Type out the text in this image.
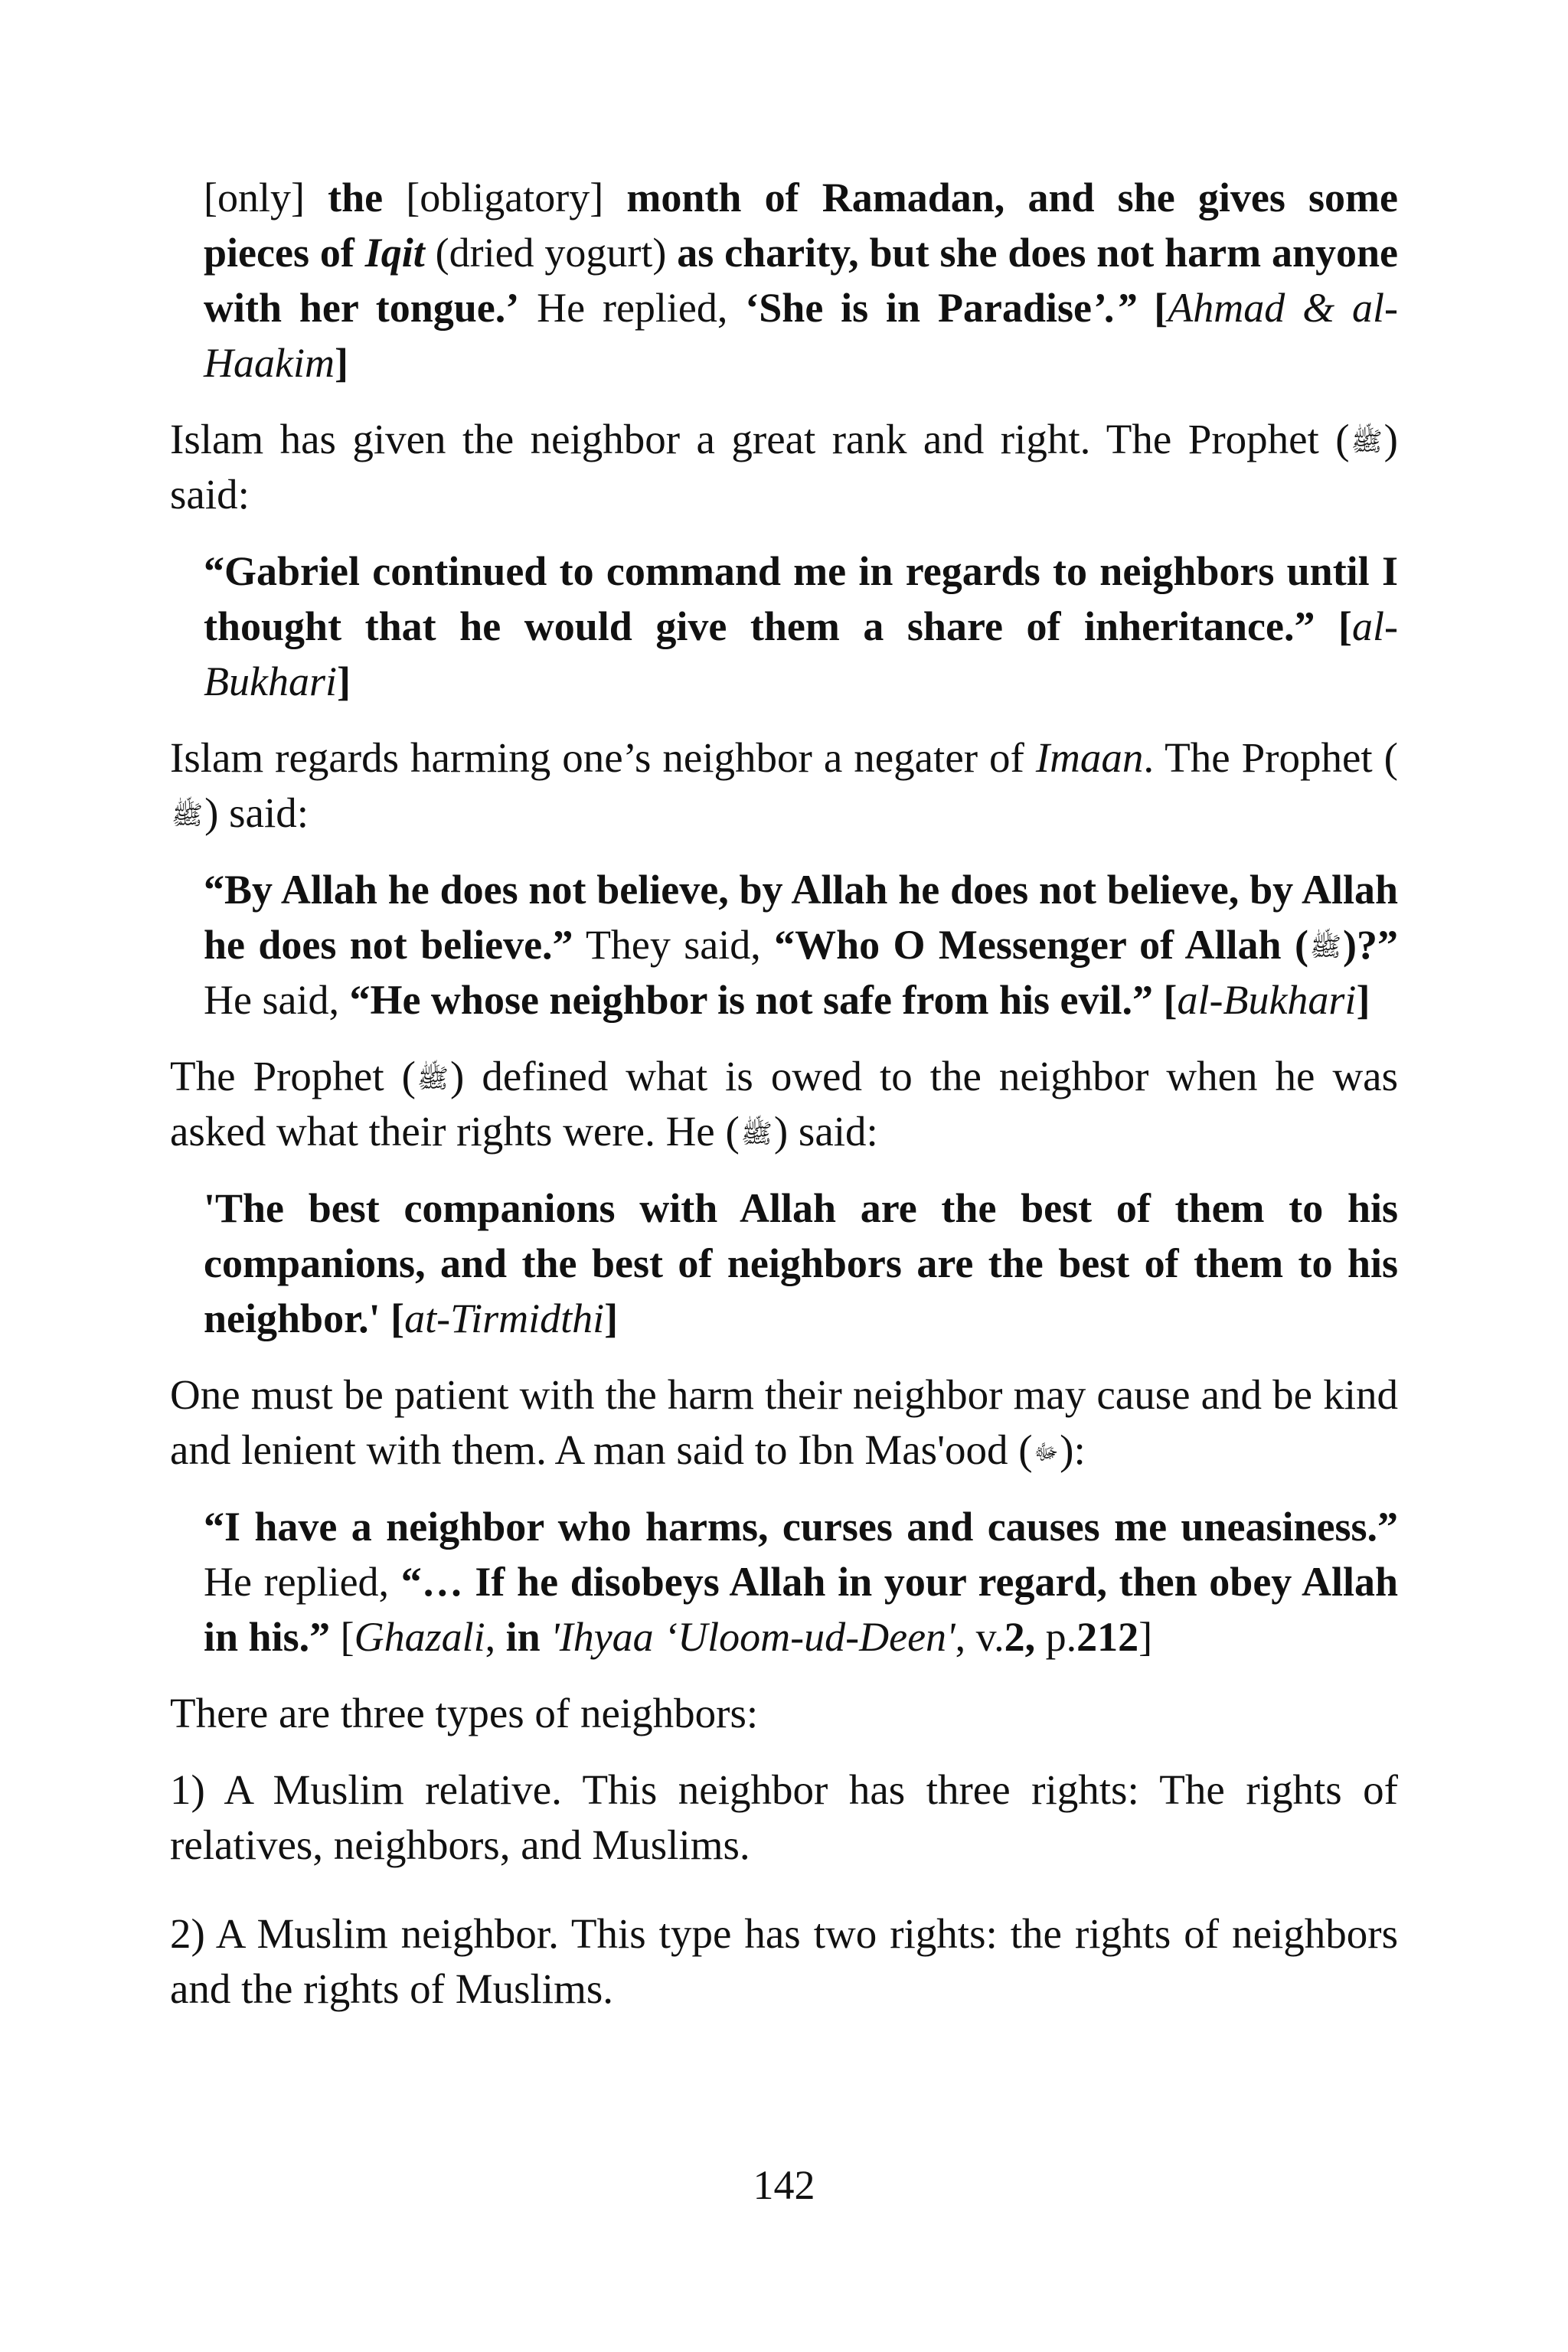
[only] the [obligatory] month of Ramadan, and she gives some pieces of Iqit (dried yogurt) as charity, but she does not harm anyone with her tongue.’ He replied, ‘She is in Paradise’.” [Ahmad & al-Haakim]

Islam has given the neighbor a great rank and right. The Prophet (ﷺ) said:

“Gabriel continued to command me in regards to neighbors until I thought that he would give them a share of inheritance.” [al-Bukhari]

Islam regards harming one’s neighbor a negater of Imaan. The Prophet (ﷺ) said:

“By Allah he does not believe, by Allah he does not believe, by Allah he does not believe.” They said, “Who O Messenger of Allah (ﷺ)?” He said, “He whose neighbor is not safe from his evil.” [al-Bukhari]

The Prophet (ﷺ) defined what is owed to the neighbor when he was asked what their rights were. He (ﷺ) said:

'The best companions with Allah are the best of them to his companions, and the best of neighbors are the best of them to his neighbor.' [at-Tirmidthi]

One must be patient with the harm their neighbor may cause and be kind and lenient with them. A man said to Ibn Mas'ood (ﷻ):

“I have a neighbor who harms, curses and causes me uneasiness.” He replied, “… If he disobeys Allah in your regard, then obey Allah in his.” [Ghazali, in 'Ihyaa ‘Uloom-ud-Deen', v.2, p.212]

There are three types of neighbors:

1) A Muslim relative. This neighbor has three rights: The rights of relatives, neighbors, and Muslims.

2) A Muslim neighbor. This type has two rights: the rights of neighbors and the rights of Muslims.

142
